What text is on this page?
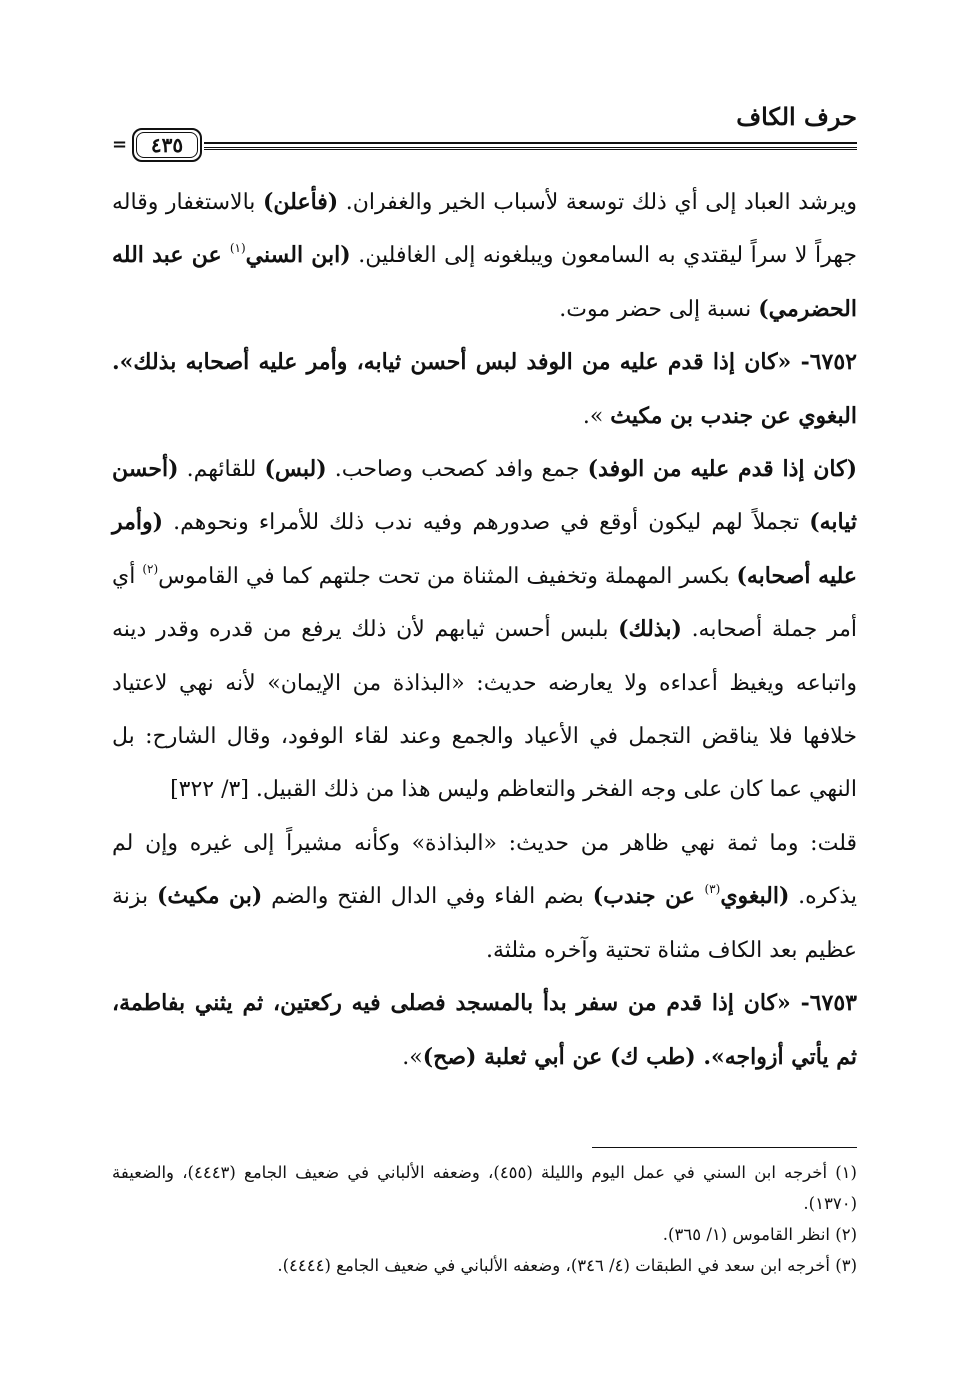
حرف الكاف
٤٣٥
=

ويرشد العباد إلى أي ذلك توسعة لأسباب الخير والغفران. (فأعلن) بالاستغفار وقاله جهراً لا سراً ليقتدي به السامعون ويبلغونه إلى الغافلين. (ابن السني$^{(١)}$ عن عبد الله الحضرمي) نسبة إلى حضر موت.

٦٧٥٢- «كان إذا قدم عليه من الوفد لبس أحسن ثيابه، وأمر عليه أصحابه بذلك». البغوي عن جندب بن مكيث ».

(كان إذا قدم عليه من الوفد) جمع وافد كصحب وصاحب. (لبس) للقائهم. (أحسن ثيابه) تجملاً لهم ليكون أوقع في صدورهم وفيه ندب ذلك للأمراء ونحوهم. (وأمر عليه أصحابه) بكسر المهملة وتخفيف المثناة من تحت جلتهم كما في القاموس$^{(٢)}$ أي أمر جملة أصحابه. (بذلك) بلبس أحسن ثيابهم لأن ذلك يرفع من قدره وقدر دينه واتباعه ويغيظ أعداءه ولا يعارضه حديث: «البذاذة من الإيمان» لأنه نهي لاعتياد خلافها فلا يناقض التجمل في الأعياد والجمع وعند لقاء الوفود، وقال الشارح: بل النهي عما كان على وجه الفخر والتعاظم وليس هذا من ذلك القبيل. [٣/ ٣٢٢]

قلت: وما ثمة نهي ظاهر من حديث: «البذاذة» وكأنه مشيراً إلى غيره وإن لم يذكره. (البغوي$^{(٣)}$ عن جندب) بضم الفاء وفي الدال الفتح والضم (بن مكيث) بزنة عظيم بعد الكاف مثناة تحتية وآخره مثلثة.

٦٧٥٣- «كان إذا قدم من سفر بدأ بالمسجد فصلى فيه ركعتين، ثم يثني بفاطمة، ثم يأتي أزواجه». (طب ك) عن أبي ثعلبة (صح)».

(١) أخرجه ابن السني في عمل اليوم والليلة (٤٥٥)، وضعفه الألباني في ضعيف الجامع (٤٤٤٣)، والضعيفة (١٣٧٠).

(٢) انظر القاموس (١/ ٣٦٥).

(٣) أخرجه ابن سعد في الطبقات (٤/ ٣٤٦)، وضعفه الألباني في ضعيف الجامع (٤٤٤٤).
